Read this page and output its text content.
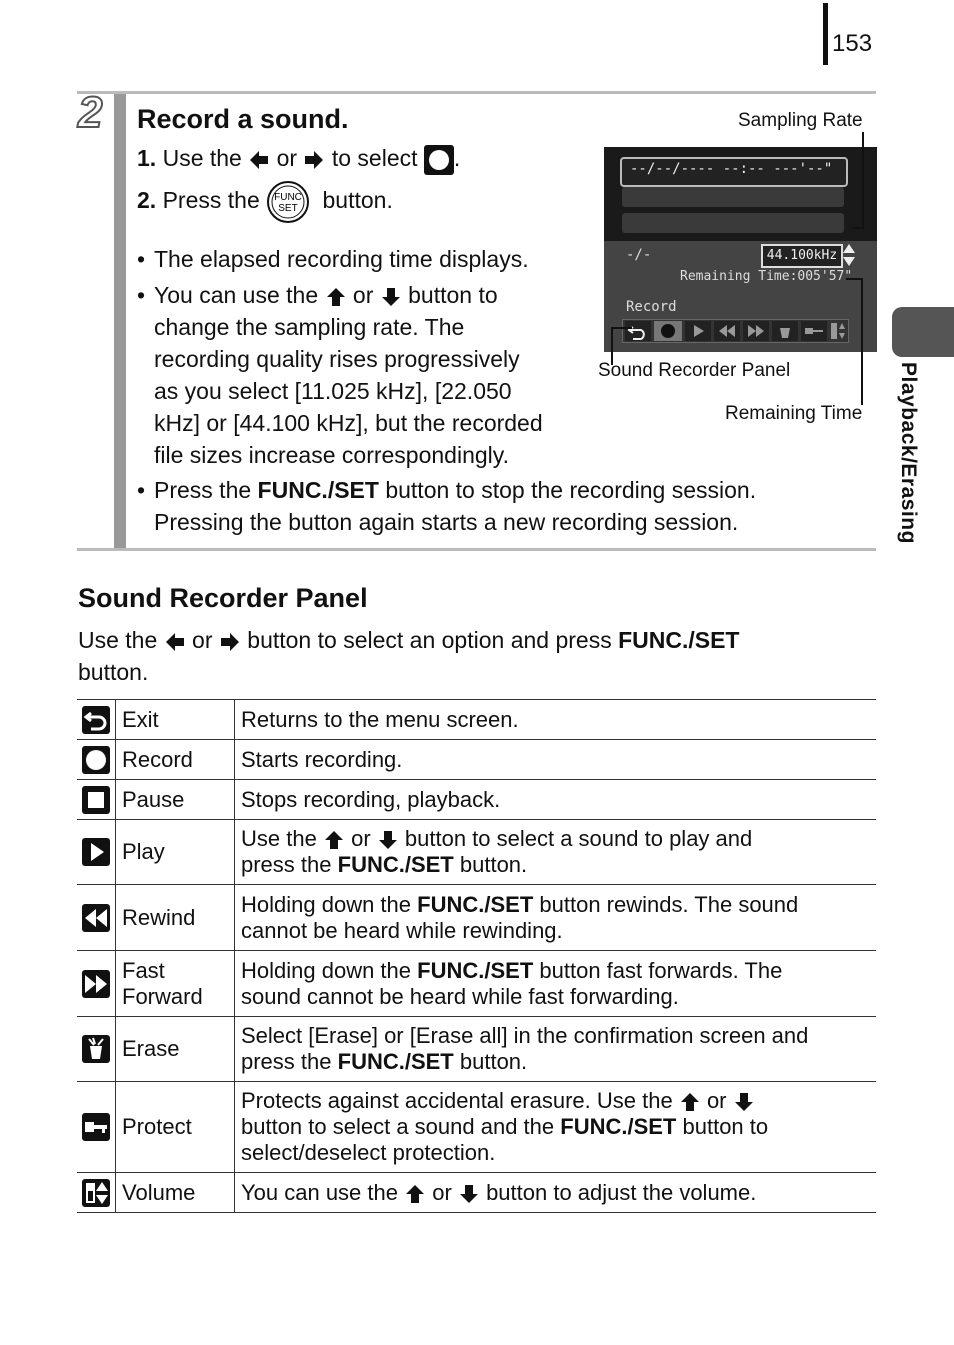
153
Playback/Erasing
2 Record a sound.
1. Use the or to select .
2. Press the FUNC
SET button.
• The elapsed recording time displays.
• You can use the or button to
change the sampling rate. The
recording quality rises progressively
as you select [11.025 kHz], [22.050
kHz] or [44.100 kHz], but the recorded
file sizes increase correspondingly.
• Press the FUNC./SET button to stop the recording session.
Pressing the button again starts a new recording session.
Sampling Rate
--/--/---- --:-- ---'--"
-/-	44.100kHz
Remaining Time:005'57"
Record
Sound Recorder Panel
Remaining Time
Sound Recorder Panel
Use the or button to select an option and press FUNC./SET
button.
	Exit	Returns to the menu screen.
	Record	Starts recording.
	Pause	Stops recording, playback.
	Play	Use the or button to select a sound to play and
press the FUNC./SET button.
	Rewind	Holding down the FUNC./SET button rewinds. The sound
cannot be heard while rewinding.
	Fast
Forward	Holding down the FUNC./SET button fast forwards. The
sound cannot be heard while fast forwarding.
	Erase	Select [Erase] or [Erase all] in the confirmation screen and
press the FUNC./SET button.
	Protect	Protects against accidental erasure. Use the or
button to select a sound and the FUNC./SET button to
select/deselect protection.
	Volume	You can use the or button to adjust the volume.
